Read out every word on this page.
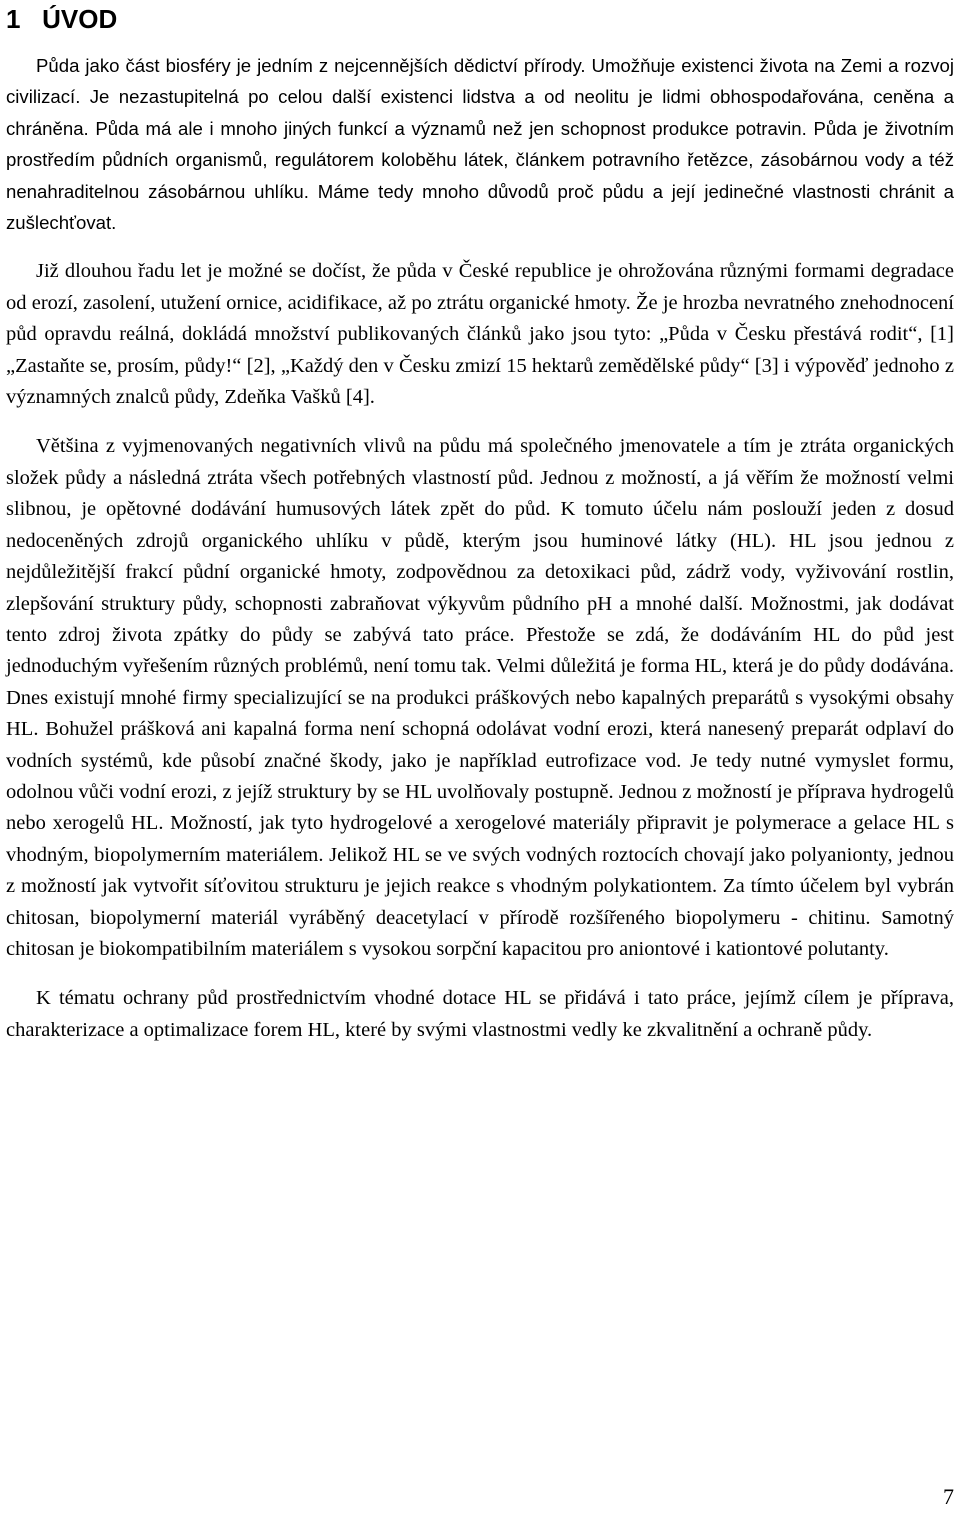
1   ÚVOD

Půda jako část biosféry je jedním z nejcennějších dědictví přírody. Umožňuje existenci života na Zemi a rozvoj civilizací. Je nezastupitelná po celou další existenci lidstva a od neolitu je lidmi obhospodařována, ceněna a chráněna. Půda má ale i mnoho jiných funkcí a významů než jen schopnost produkce potravin. Půda je životním prostředím půdních organismů, regulátorem koloběhu látek, článkem potravního řetězce, zásobárnou vody a též nenahraditelnou zásobárnou uhlíku. Máme tedy mnoho důvodů proč půdu a její jedinečné vlastnosti chránit a zušlechťovat.

Již dlouhou řadu let je možné se dočíst, že půda v České republice je ohrožována různými formami degradace od erozí, zasolení, utužení ornice, acidifikace, až po ztrátu organické hmoty. Že je hrozba nevratného znehodnocení půd opravdu reálná, dokládá množství publikovaných článků jako jsou tyto: „Půda v Česku přestává rodit“, [1] „Zastaňte se, prosím, půdy!“ [2], „Každý den v Česku zmizí 15 hektarů zemědělské půdy“ [3] i výpověď jednoho z významných znalců půdy, Zdeňka Vašků [4].

Většina z vyjmenovaných negativních vlivů na půdu má společného jmenovatele a tím je ztráta organických složek půdy a následná ztráta všech potřebných vlastností půd. Jednou z možností, a já věřím že možností velmi slibnou, je opětovné dodávání humusových látek zpět do půd. K tomuto účelu nám poslouží jeden z dosud nedoceněných zdrojů organického uhlíku v půdě, kterým jsou huminové látky (HL). HL jsou jednou z nejdůležitější frakcí půdní organické hmoty, zodpovědnou za detoxikaci půd, zádrž vody, vyživování rostlin, zlepšování struktury půdy, schopnosti zabraňovat výkyvům půdního pH a mnohé další. Možnostmi, jak dodávat tento zdroj života zpátky do půdy se zabývá tato práce. Přestože se zdá, že dodáváním HL do půd jest jednoduchým vyřešením různých problémů, není tomu tak. Velmi důležitá je forma HL, která je do půdy dodávána. Dnes existují mnohé firmy specializující se na produkci práškových nebo kapalných preparátů s vysokými obsahy HL. Bohužel prášková ani kapalná forma není schopná odolávat vodní erozi, která nanesený preparát odplaví do vodních systémů, kde působí značné škody, jako je například eutrofizace vod. Je tedy nutné vymyslet formu, odolnou vůči vodní erozi, z jejíž struktury by se HL uvolňovaly postupně. Jednou z možností je příprava hydrogelů nebo xerogelů HL. Možností, jak tyto hydrogelové a xerogelové materiály připravit je polymerace a gelace HL s vhodným, biopolymerním materiálem. Jelikož HL se ve svých vodných roztocích chovají jako polyanionty, jednou z možností jak vytvořit síťovitou strukturu je jejich reakce s vhodným polykationtem. Za tímto účelem byl vybrán chitosan, biopolymerní materiál vyráběný deacetylací v přírodě rozšířeného biopolymeru - chitinu. Samotný chitosan je biokompatibilním materiálem s vysokou sorpční kapacitou pro aniontové i kationtové polutanty.

K tématu ochrany půd prostřednictvím vhodné dotace HL se přidává i tato práce, jejímž cílem je příprava, charakterizace a optimalizace forem HL, které by svými vlastnostmi vedly ke zkvalitnění a ochraně půdy.

7
